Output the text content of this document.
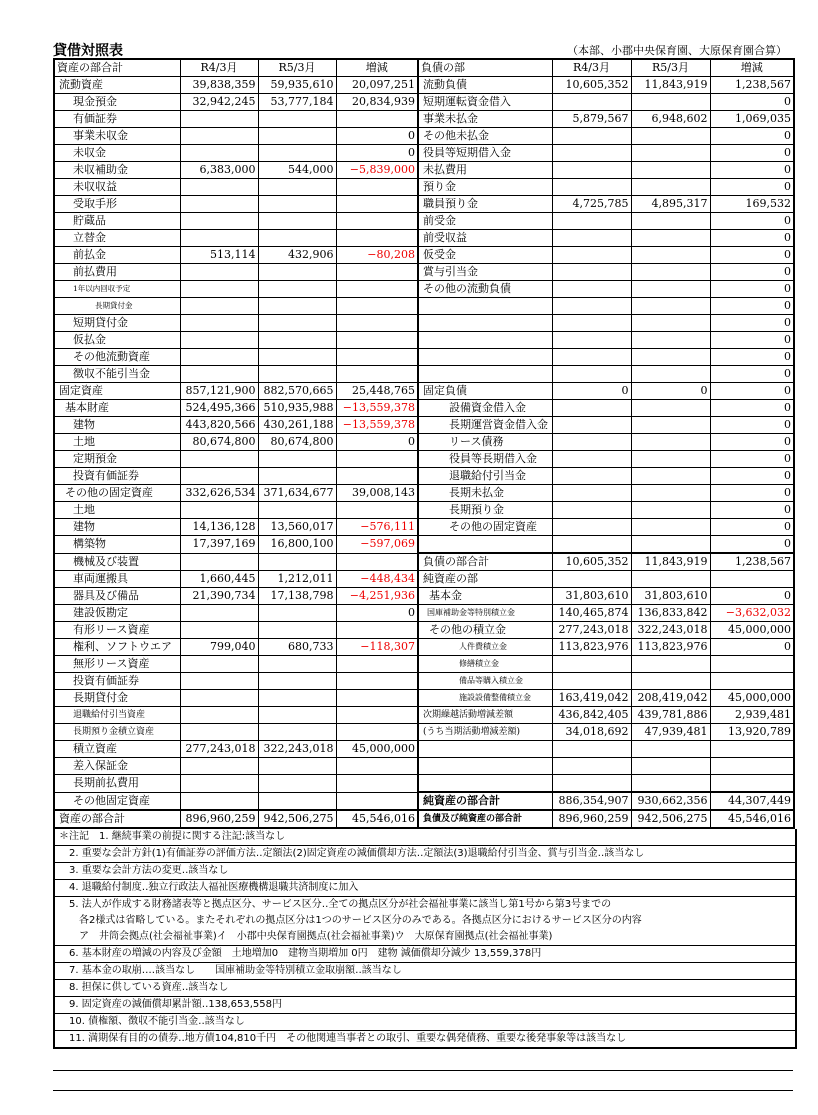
貸借対照表	（本部、小郡中央保育園、大原保育園合算）
資産の部合計	R4/3月	R5/3月	増減	負債の部	R4/3月	R5/3月	増減
流動資産	39,838,359	59,935,610	20,097,251	流動負債	10,605,352	11,843,919	1,238,567
現金預金	32,942,245	53,777,184	20,834,939	短期運転資金借入			0
有価証券				事業未払金	5,879,567	6,948,602	1,069,035
事業未収金			0	その他未払金			0
未収金			0	役員等短期借入金			0
未収補助金	6,383,000	544,000	−5,839,000	未払費用			0
未収収益				預り金			0
受取手形				職員預り金	4,725,785	4,895,317	169,532
貯蔵品				前受金			0
立替金				前受収益			0
前払金	513,114	432,906	−80,208	仮受金			0
前払費用				賞与引当金			0
1年以内回収予定				その他の流動負債			0
長期貸付金							0
短期貸付金							0
仮払金							0
その他流動資産							0
徴収不能引当金							0
固定資産	857,121,900	882,570,665	25,448,765	固定負債	0	0	0
基本財産	524,495,366	510,935,988	−13,559,378	設備資金借入金			0
建物	443,820,566	430,261,188	−13,559,378	長期運営資金借入金			0
土地	80,674,800	80,674,800	0	リース債務			0
定期預金				役員等長期借入金			0
投資有価証券				退職給付引当金			0
その他の固定資産	332,626,534	371,634,677	39,008,143	長期未払金			0
土地				長期預り金			0
建物	14,136,128	13,560,017	−576,111	その他の固定資産			0
構築物	17,397,169	16,800,100	−597,069				0
機械及び装置				負債の部合計	10,605,352	11,843,919	1,238,567
車両運搬具	1,660,445	1,212,011	−448,434	純資産の部			
器具及び備品	21,390,734	17,138,798	−4,251,936	基本金	31,803,610	31,803,610	0
建設仮勘定			0	国庫補助金等特別積立金	140,465,874	136,833,842	−3,632,032
有形リース資産				その他の積立金	277,243,018	322,243,018	45,000,000
権利、ソフトウエア	799,040	680,733	−118,307	人件費積立金	113,823,976	113,823,976	0
無形リース資産				修繕積立金			
投資有価証券				備品等購入積立金			
長期貸付金				施設設備整備積立金	163,419,042	208,419,042	45,000,000
退職給付引当資産				次期繰越活動増減差額	436,842,405	439,781,886	2,939,481
長期預り金積立資産				(うち当期活動増減差額)	34,018,692	47,939,481	13,920,789
積立資産	277,243,018	322,243,018	45,000,000				
差入保証金							
長期前払費用							
その他固定資産				純資産の部合計	886,354,907	930,662,356	44,307,449
資産の部合計	896,960,259	942,506,275	45,546,016	負債及び純資産の部合計	896,960,259	942,506,275	45,546,016
＊注記　1. 継続事業の前提に関する注記:該当なし
　2. 重要な会計方針(1)有価証券の評価方法‥定額法(2)固定資産の減価償却方法‥定額法(3)退職給付引当金、賞与引当金‥該当なし
　3. 重要な会計方法の変更‥該当なし
　4. 退職給付制度‥独立行政法人福祉医療機構退職共済制度に加入
　5. 法人が作成する財務諸表等と拠点区分、サービス区分‥全ての拠点区分が社会福祉事業に該当し第1号から第3号までの
　　各2様式は省略している。またそれぞれの拠点区分は1つのサービス区分のみである。各拠点区分におけるサービス区分の内容
　　ア　井筒会拠点(社会福祉事業)イ　小郡中央保育園拠点(社会福祉事業)ウ　大原保育園拠点(社会福祉事業)
　6. 基本財産の増減の内容及び金額　土地増加0　建物当期増加 0円　建物 減価償却分減少 13,559,378円
　7. 基本金の取崩‥‥該当なし　　国庫補助金等特別積立金取崩額‥該当なし
　8. 担保に供している資産‥該当なし
　9. 固定資産の減価償却累計額‥138,653,558円
　10. 債権額、徴収不能引当金‥該当なし
　11. 満期保有目的の債券‥地方債104,810千円　その他関連当事者との取引、重要な偶発債務、重要な後発事象等は該当なし
